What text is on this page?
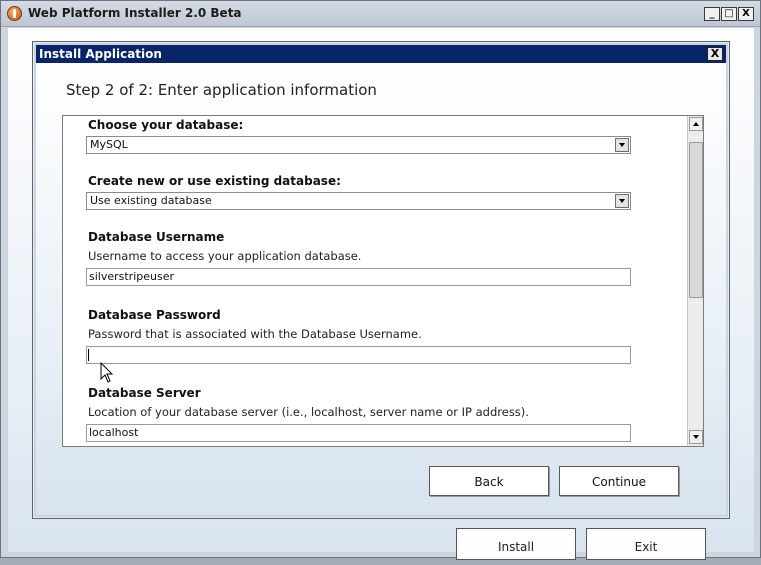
Web Platform Installer 2.0 Beta	_ □ X
Install	Exit
Install Application	X
Step 2 of 2: Enter application information
Choose your database:
MySQL
Create new or use existing database:
Use existing database
Database Username
Username to access your application database.
silverstripeuser
Database Password
Password that is associated with the Database Username.
Database Server
Location of your database server (i.e., localhost, server name or IP address).
localhost
Back	Continue
